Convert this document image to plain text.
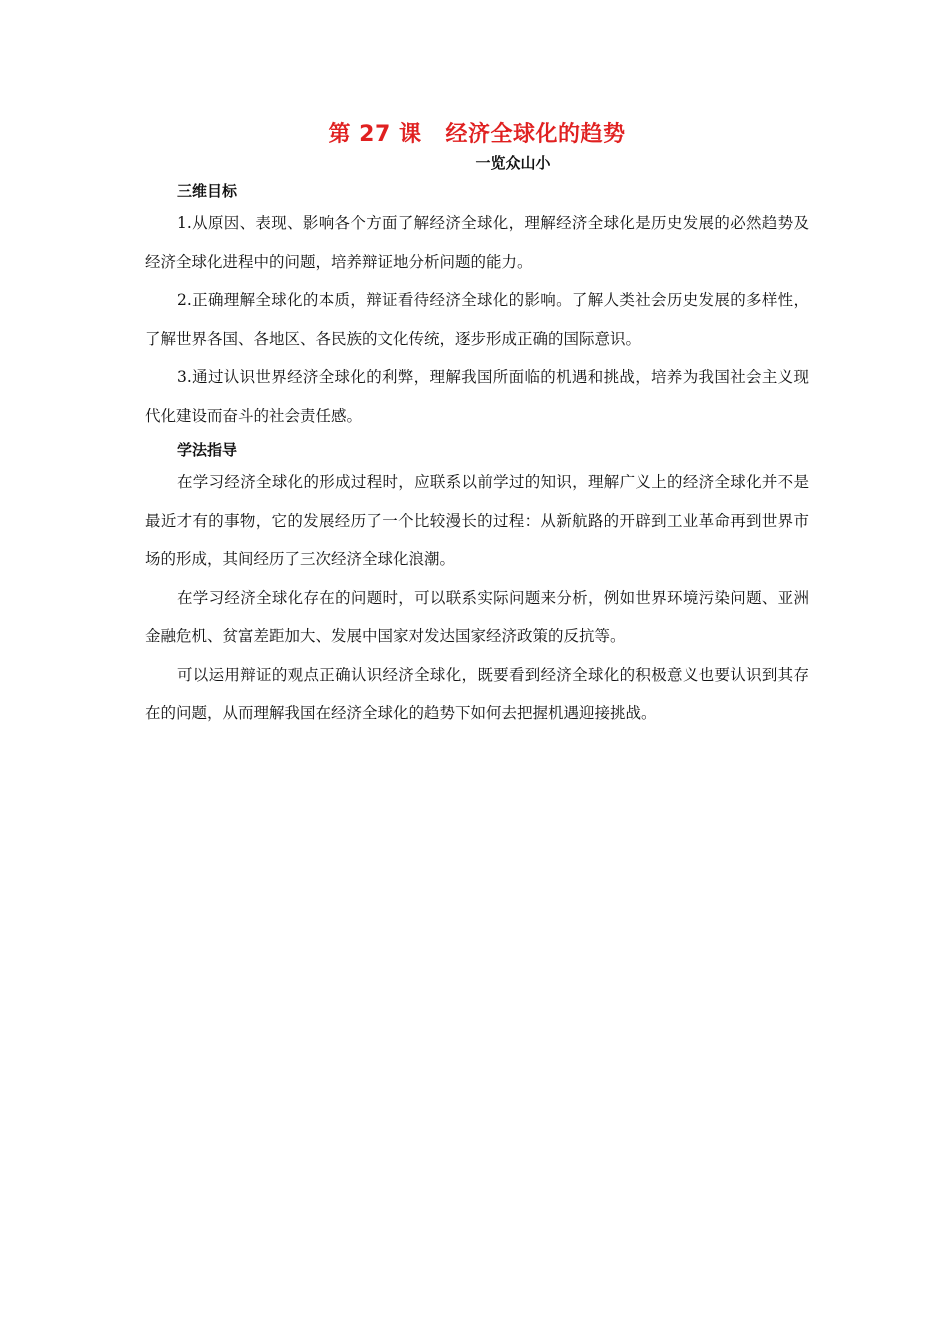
第 27 课 经济全球化的趋势

一览众山小

三维目标

1.从原因、表现、影响各个方面了解经济全球化，理解经济全球化是历史发展的必然趋势及经济全球化进程中的问题，培养辩证地分析问题的能力。

2.正确理解全球化的本质，辩证看待经济全球化的影响。了解人类社会历史发展的多样性，了解世界各国、各地区、各民族的文化传统，逐步形成正确的国际意识。

3.通过认识世界经济全球化的利弊，理解我国所面临的机遇和挑战，培养为我国社会主义现代化建设而奋斗的社会责任感。

学法指导

在学习经济全球化的形成过程时，应联系以前学过的知识，理解广义上的经济全球化并不是最近才有的事物，它的发展经历了一个比较漫长的过程：从新航路的开辟到工业革命再到世界市场的形成，其间经历了三次经济全球化浪潮。

在学习经济全球化存在的问题时，可以联系实际问题来分析，例如世界环境污染问题、亚洲金融危机、贫富差距加大、发展中国家对发达国家经济政策的反抗等。

可以运用辩证的观点正确认识经济全球化，既要看到经济全球化的积极意义也要认识到其存在的问题，从而理解我国在经济全球化的趋势下如何去把握机遇迎接挑战。
